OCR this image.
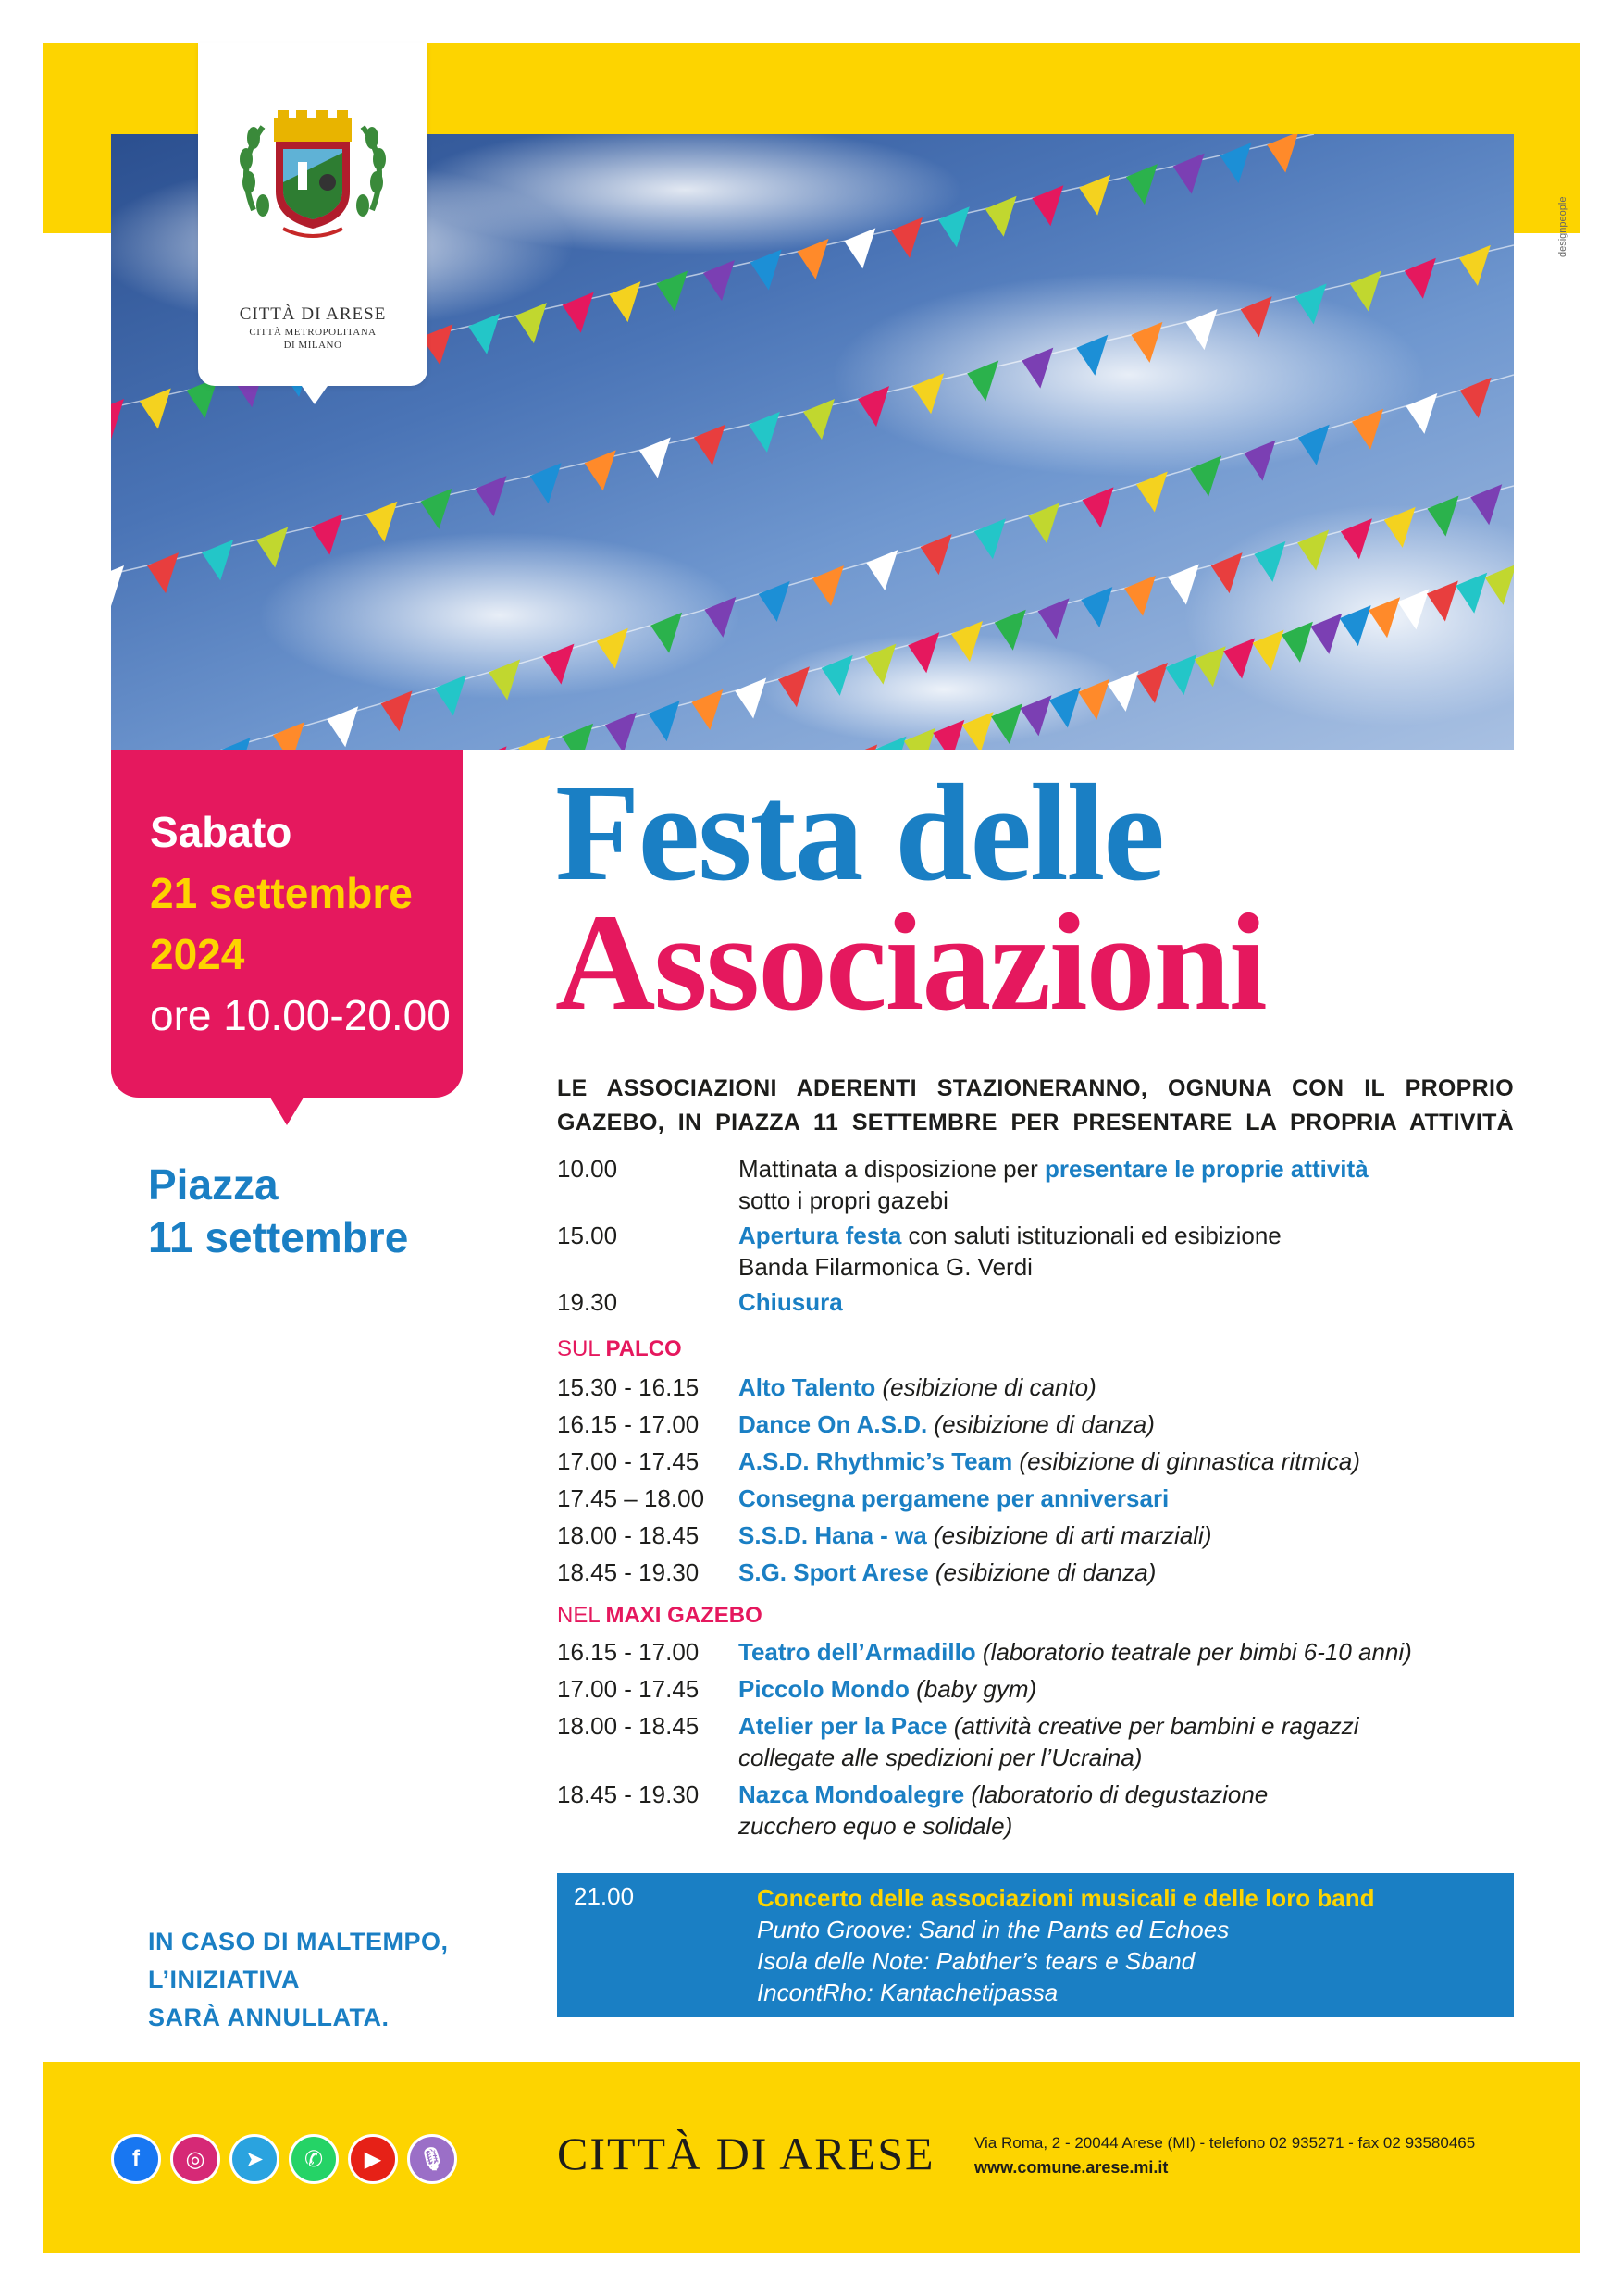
CITTÀ DI ARESE
CITTÀ METROPOLITANA
DI MILANO
designpeople
Sabato
21 settembre
2024
ore 10.00-20.00
Piazza
11 settembre
Festa delle
Associazioni
LE ASSOCIAZIONI ADERENTI STAZIONERANNO, OGNUNA CON IL PROPRIO GAZEBO, IN PIAZZA 11 SETTEMBRE PER PRESENTARE LA PROPRIA ATTIVITÀ
10.00	Mattinata a disposizione per presentare le proprie attività
sotto i propri gazebi
15.00	Apertura festa con saluti istituzionali ed esibizione
Banda Filarmonica G. Verdi
19.30	Chiusura
SUL PALCO
15.30 - 16.15 Alto Talento (esibizione di canto)
16.15 - 17.00 Dance On A.S.D. (esibizione di danza)
17.00 - 17.45 A.S.D. Rhythmic’s Team (esibizione di ginnastica ritmica)
17.45 – 18.00 Consegna pergamene per anniversari
18.00 - 18.45 S.S.D. Hana - wa (esibizione di arti marziali)
18.45 - 19.30 S.G. Sport Arese (esibizione di danza)
NEL MAXI GAZEBO
16.15 - 17.00 Teatro dell’Armadillo (laboratorio teatrale per bimbi 6-10 anni)
17.00 - 17.45 Piccolo Mondo (baby gym)
18.00 - 18.45 Atelier per la Pace (attività creative per bambini e ragazzi
collegate alle spedizioni per l’Ucraina)
18.45 - 19.30 Nazca Mondoalegre (laboratorio di degustazione
zucchero equo e solidale)
21.00	Concerto delle associazioni musicali e delle loro band
Punto Groove: Sand in the Pants ed Echoes
Isola delle Note: Pabther’s tears e Sband
IncontRho: Kantachetipassa
IN CASO DI MALTEMPO,
L’INIZIATIVA
SARÀ ANNULLATA.
f ◎ ➤ ✆ ▶ 🎙 CITTÀ DI ARESE Via Roma, 2 - 20044 Arese (MI) - telefono 02 935271 - fax 02 93580465
www.comune.arese.mi.it
